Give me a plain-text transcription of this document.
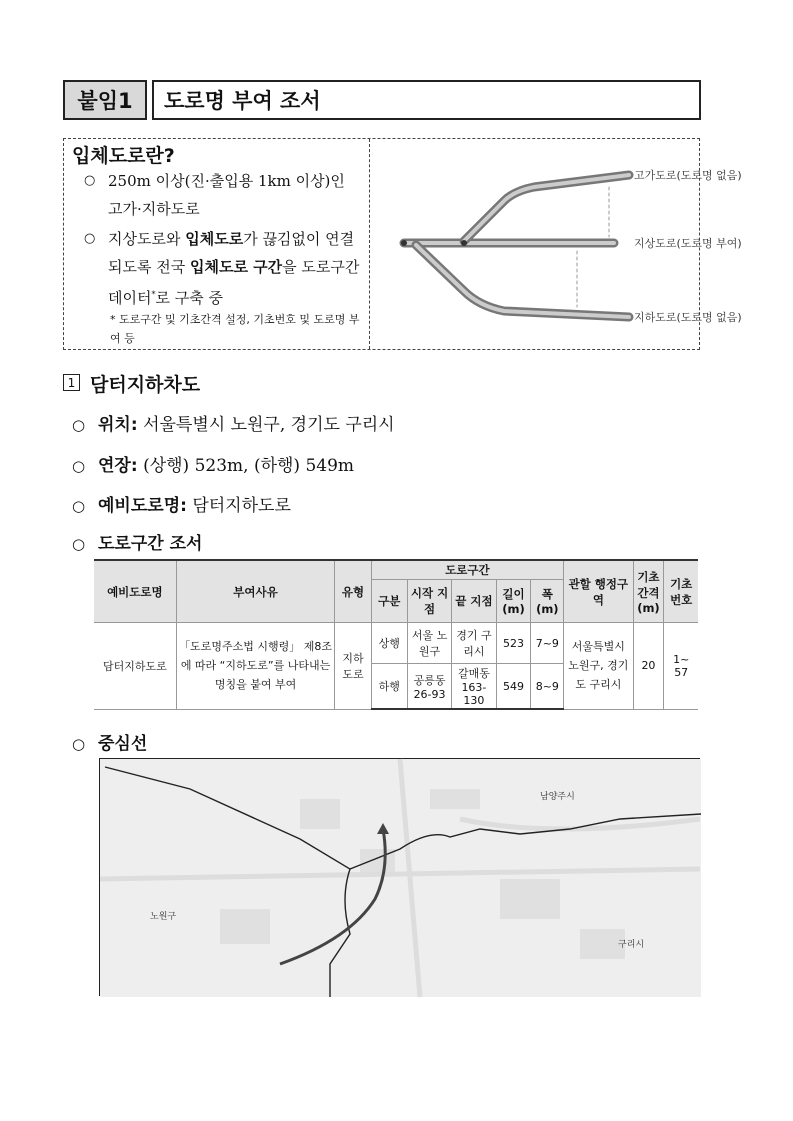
붙임1	도로명 부여 조서
입체도로란?
○ 250m 이상(진·출입용 1km 이상)인 고가·지하도로
○ 지상도로와 입체도로가 끊김없이 연결되도록 전국 입체도로 구간을 도로구간 데이터*로 구축 중
* 도로구간 및 기초간격 설정, 기초번호 및 도로명 부여 등
고가도로(도로명 없음)
지상도로(도로명 부여)
지하도로(도로명 없음)
1 담터지하차도
○ 위치: 서울특별시 노원구, 경기도 구리시
○ 연장: (상행) 523m, (하행) 549m
○ 예비도로명: 담터지하도로
○ 도로구간 조서
예비도로명	부여사유	유형	도로구간					관할 행정구역	기초 간격 (m)	기초 번호
			구분	시작 지점	끝 지점	길이 (m)	폭 (m)			
담터지하도로	「도로명주소법 시행령」 제8조에 따라 “지하도로”를 나타내는 명칭을 붙여 부여	지하 도로	상행	서울 노원구	경기 구리시	523	7~9	서울특별시 노원구, 경기도 구리시	20	1~ 57
			하행	공릉동 26-93	갈매동 163-130	549	8~9			
○ 중심선
노원구
남양주시
구리시
